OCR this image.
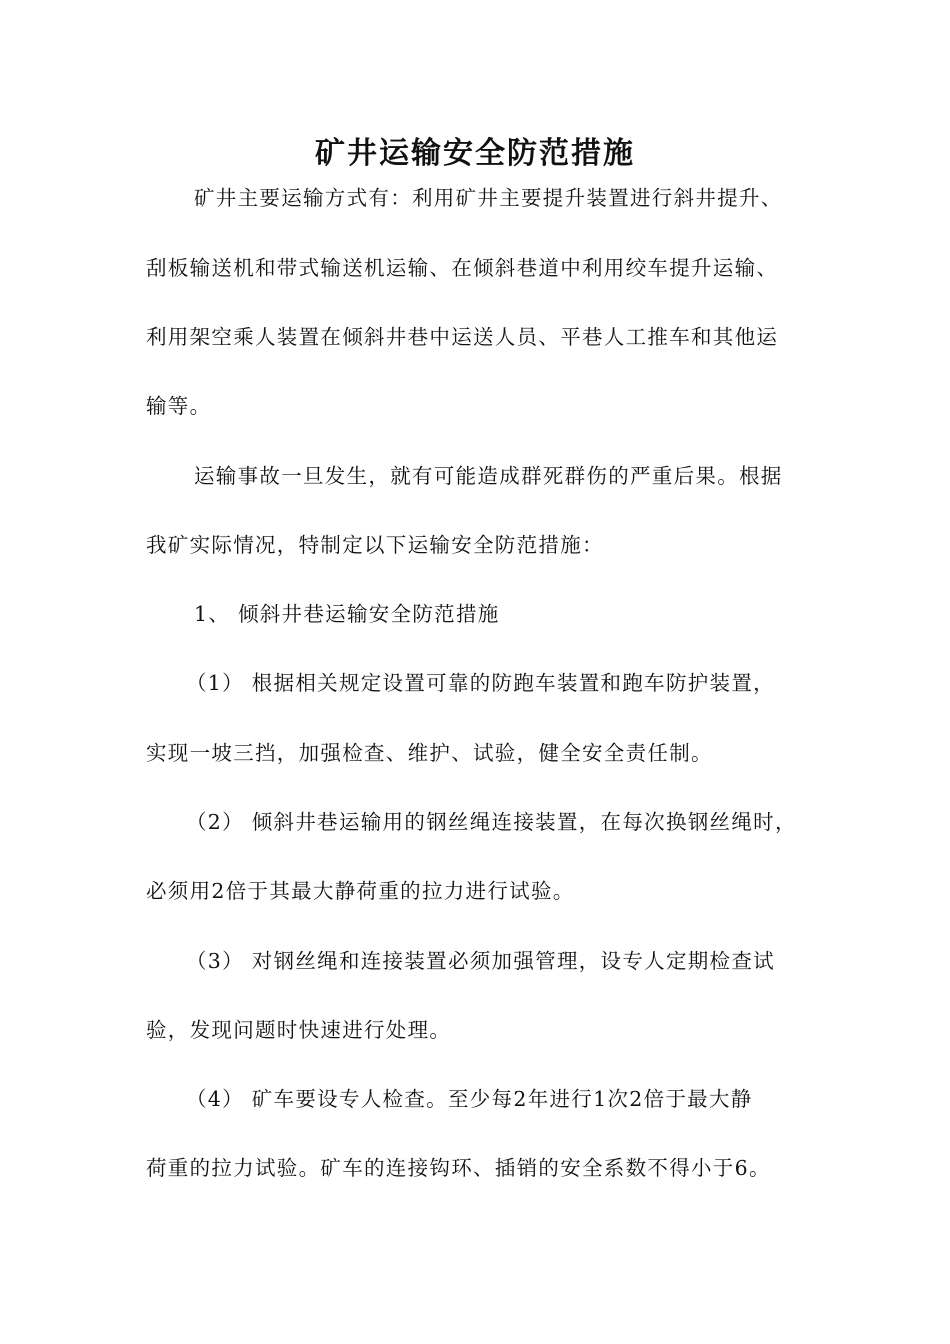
矿井运输安全防范措施

矿井主要运输方式有：利用矿井主要提升装置进行斜井提升、

刮板输送机和带式输送机运输、在倾斜巷道中利用绞车提升运输、

利用架空乘人装置在倾斜井巷中运送人员、平巷人工推车和其他运

输等。

运输事故一旦发生，就有可能造成群死群伤的严重后果。根据

我矿实际情况，特制定以下运输安全防范措施：

1、 倾斜井巷运输安全防范措施

（1） 根据相关规定设置可靠的防跑车装置和跑车防护装置，

实现一坡三挡，加强检查、维护、试验，健全安全责任制。

（2） 倾斜井巷运输用的钢丝绳连接装置，在每次换钢丝绳时，

必须用2倍于其最大静荷重的拉力进行试验。

（3） 对钢丝绳和连接装置必须加强管理，设专人定期检查试

验，发现问题时快速进行处理。

（4） 矿车要设专人检查。至少每2年进行1次2倍于最大静

荷重的拉力试验。矿车的连接钩环、插销的安全系数不得小于6。
